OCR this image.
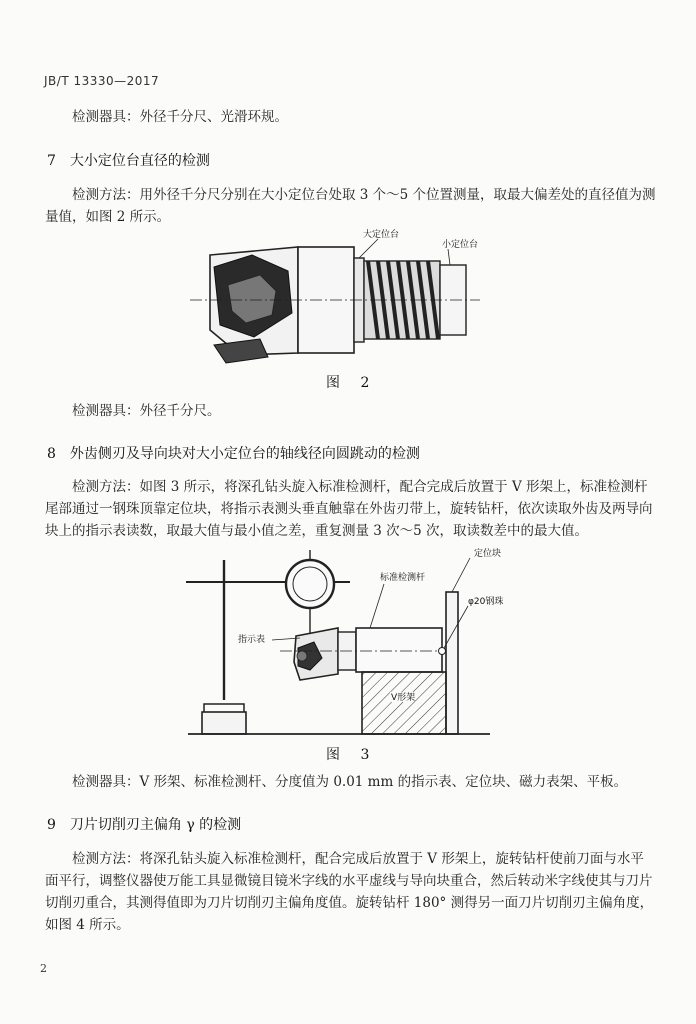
JB/T 13330—2017
检测器具：外径千分尺、光滑环规。
7　大小定位台直径的检测
检测方法：用外径千分尺分别在大小定位台处取 3 个～5 个位置测量，取最大偏差处的直径值为测量值，如图 2 所示。
大定位台
小定位台
图 2
检测器具：外径千分尺。
8　外齿侧刃及导向块对大小定位台的轴线径向圆跳动的检测
检测方法：如图 3 所示，将深孔钻头旋入标准检测杆，配合完成后放置于 V 形架上，标准检测杆尾部通过一钢珠顶靠定位块，将指示表测头垂直触靠在外齿刃带上，旋转钻杆，依次读取外齿及两导向块上的指示表读数，取最大值与最小值之差，重复测量 3 次～5 次，取读数差中的最大值。
定位块
标准检测杆
φ20钢珠
指示表
V形架
图 3
检测器具：V 形架、标准检测杆、分度值为 0.01 mm 的指示表、定位块、磁力表架、平板。
9　刀片切削刃主偏角 γ 的检测
检测方法：将深孔钻头旋入标准检测杆，配合完成后放置于 V 形架上，旋转钻杆使前刀面与水平面平行，调整仪器使万能工具显微镜目镜米字线的水平虚线与导向块重合，然后转动米字线使其与刀片切削刃重合，其测得值即为刀片切削刃主偏角度值。旋转钻杆 180° 测得另一面刀片切削刃主偏角度，如图 4 所示。
2
